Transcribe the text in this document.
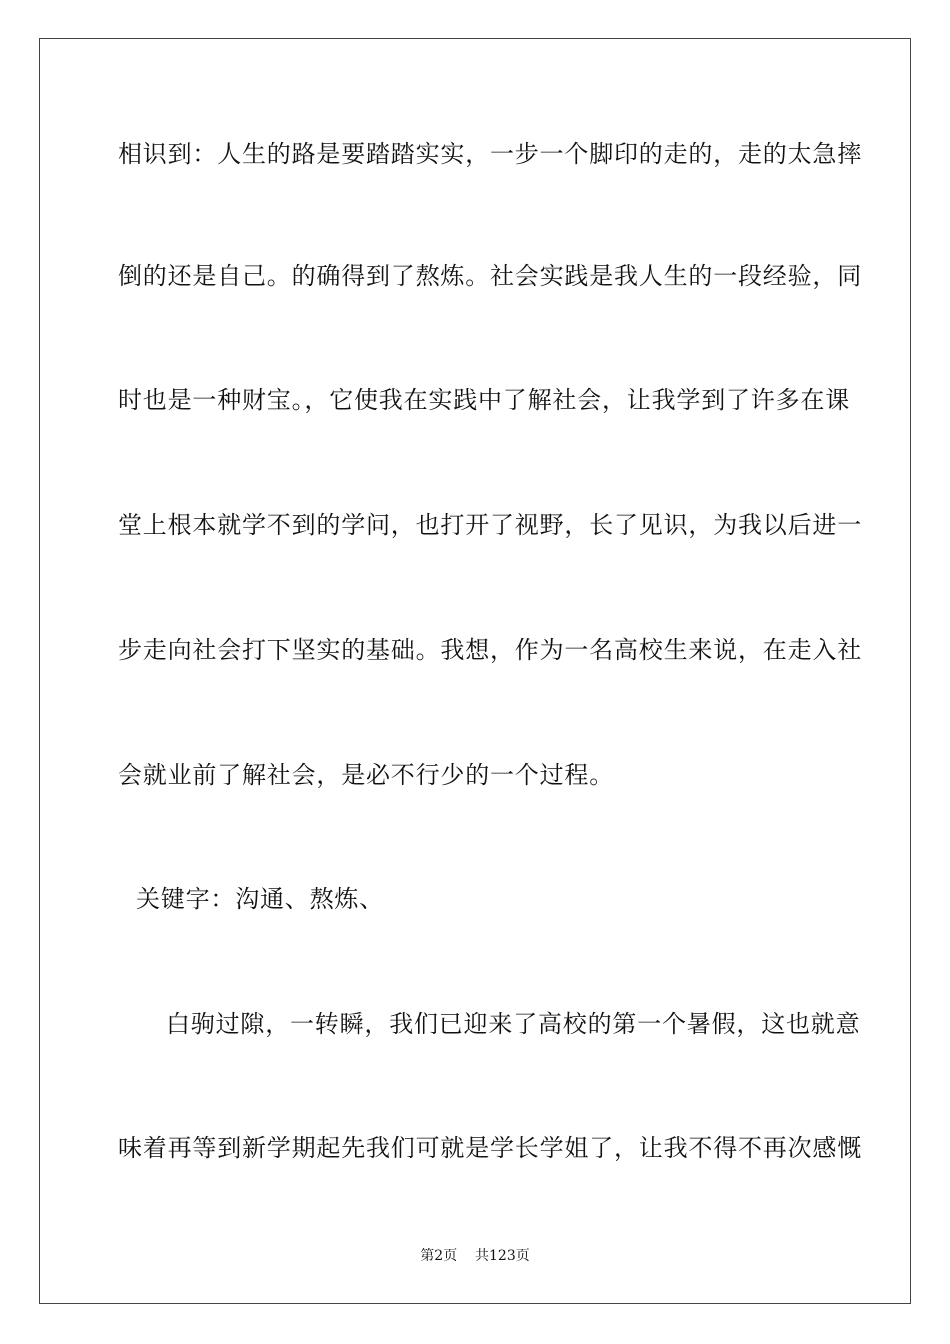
相识到：人生的路是要踏踏实实，一步一个脚印的走的，走的太急摔
倒的还是自己。的确得到了熬炼。社会实践是我人生的一段经验，同
时也是一种财宝。，它使我在实践中了解社会，让我学到了许多在课
堂上根本就学不到的学问，也打开了视野，长了见识，为我以后进一
步走向社会打下坚实的基础。我想，作为一名高校生来说，在走入社
会就业前了解社会，是必不行少的一个过程。
关键字：沟通、熬炼、
白驹过隙，一转瞬，我们已迎来了高校的第一个暑假，这也就意
味着再等到新学期起先我们可就是学长学姐了，让我不得不再次感慨
第2页 共123页
